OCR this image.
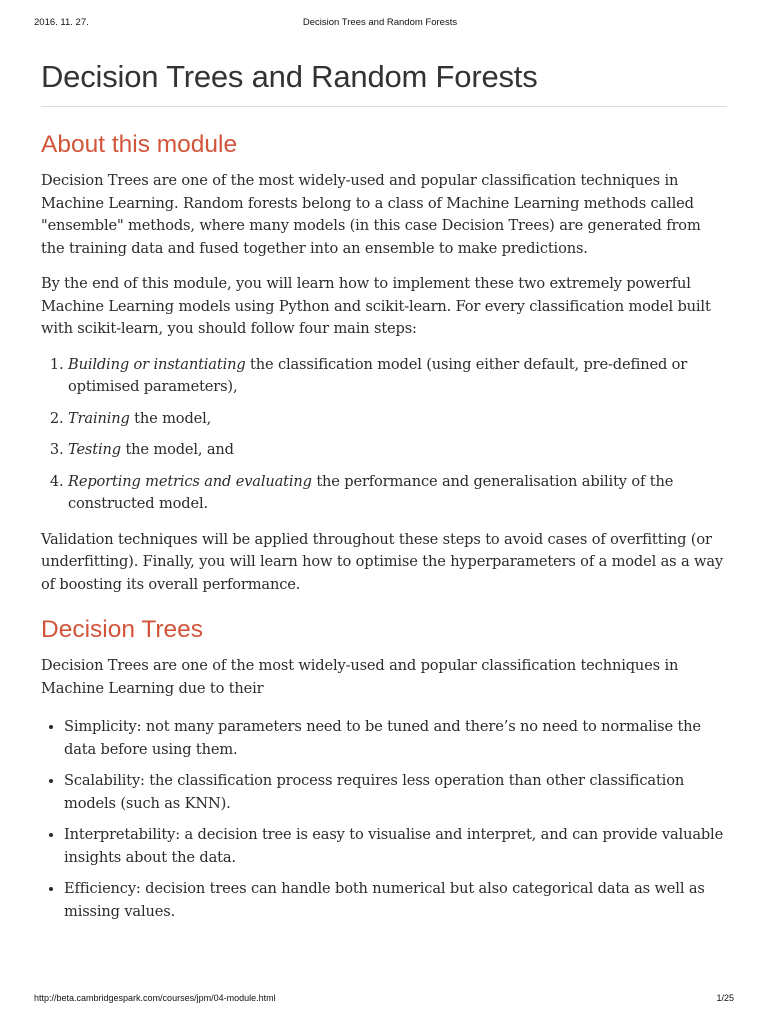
2016. 11. 27.	Decision Trees and Random Forests
Decision Trees and Random Forests
About this module

Decision Trees are one of the most widely-used and popular classification techniques in Machine Learning. Random forests belong to a class of Machine Learning methods called "ensemble" methods, where many models (in this case Decision Trees) are generated from the training data and fused together into an ensemble to make predictions.

By the end of this module, you will learn how to implement these two extremely powerful Machine Learning models using Python and scikit-learn. For every classification model built with scikit-learn, you should follow four main steps:

1. Building or instantiating the classification model (using either default, pre-defined or optimised parameters),
2. Training the model,
3. Testing the model, and
4. Reporting metrics and evaluating the performance and generalisation ability of the constructed model.

Validation techniques will be applied throughout these steps to avoid cases of overfitting (or underfitting). Finally, you will learn how to optimise the hyperparameters of a model as a way of boosting its overall performance.

Decision Trees

Decision Trees are one of the most widely-used and popular classification techniques in Machine Learning due to their

• Simplicity: not many parameters need to be tuned and there’s no need to normalise the data before using them.
• Scalability: the classification process requires less operation than other classification models (such as KNN).
• Interpretability: a decision tree is easy to visualise and interpret, and can provide valuable insights about the data.
• Efficiency: decision trees can handle both numerical but also categorical data as well as missing values.
http://beta.cambridgespark.com/courses/jpm/04-module.html	1/25
